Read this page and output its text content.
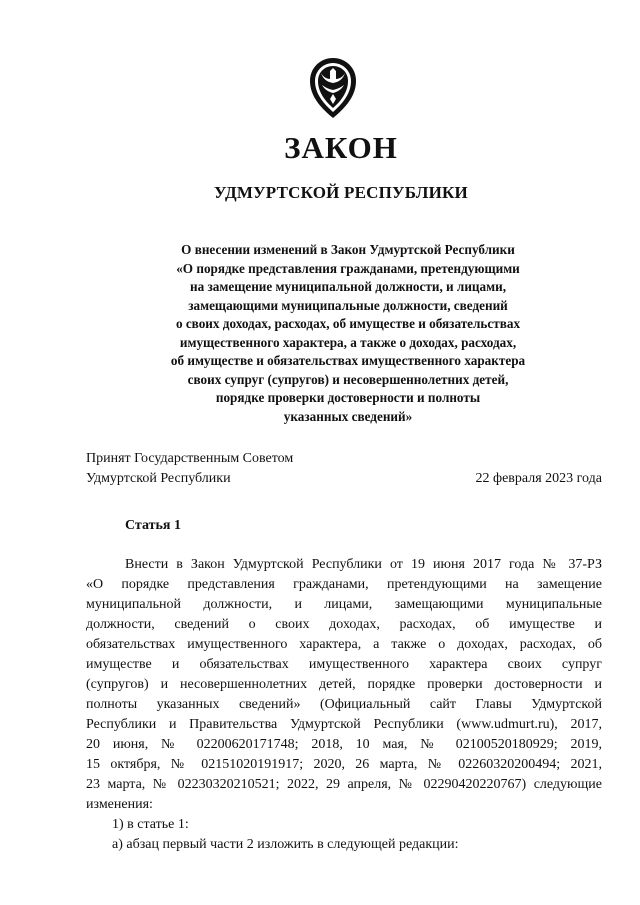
ЗАКОН
УДМУРТСКОЙ РЕСПУБЛИКИ
О внесении изменений в Закон Удмуртской Республики
«О порядке представления гражданами, претендующими
на замещение муниципальной должности, и лицами,
замещающими муниципальные должности, сведений
о своих доходах, расходах, об имуществе и обязательствах
имущественного характера, а также о доходах, расходах,
об имуществе и обязательствах имущественного характера
своих супруг (супругов) и несовершеннолетних детей,
порядке проверки достоверности и полноты
указанных сведений»
Принят Государственным Советом
Удмуртской Республики	22 февраля 2023 года
Статья 1
Внести в Закон Удмуртской Республики от 19 июня 2017 года № 37-РЗ
«О порядке представления гражданами, претендующими на замещение
муниципальной должности, и лицами, замещающими муниципальные
должности, сведений о своих доходах, расходах, об имуществе и
обязательствах имущественного характера, а также о доходах, расходах, об
имуществе и обязательствах имущественного характера своих супруг
(супругов) и несовершеннолетних детей, порядке проверки достоверности и
полноты указанных сведений» (Официальный сайт Главы Удмуртской
Республики и Правительства Удмуртской Республики (www.udmurt.ru), 2017,
20 июня, № 02200620171748; 2018, 10 мая, № 02100520180929; 2019,
15 октября, № 02151020191917; 2020, 26 марта, № 02260320200494; 2021,
23 марта, № 02230320210521; 2022, 29 апреля, № 02290420220767) следующие
изменения:
1) в статье 1:
а) абзац первый части 2 изложить в следующей редакции:
